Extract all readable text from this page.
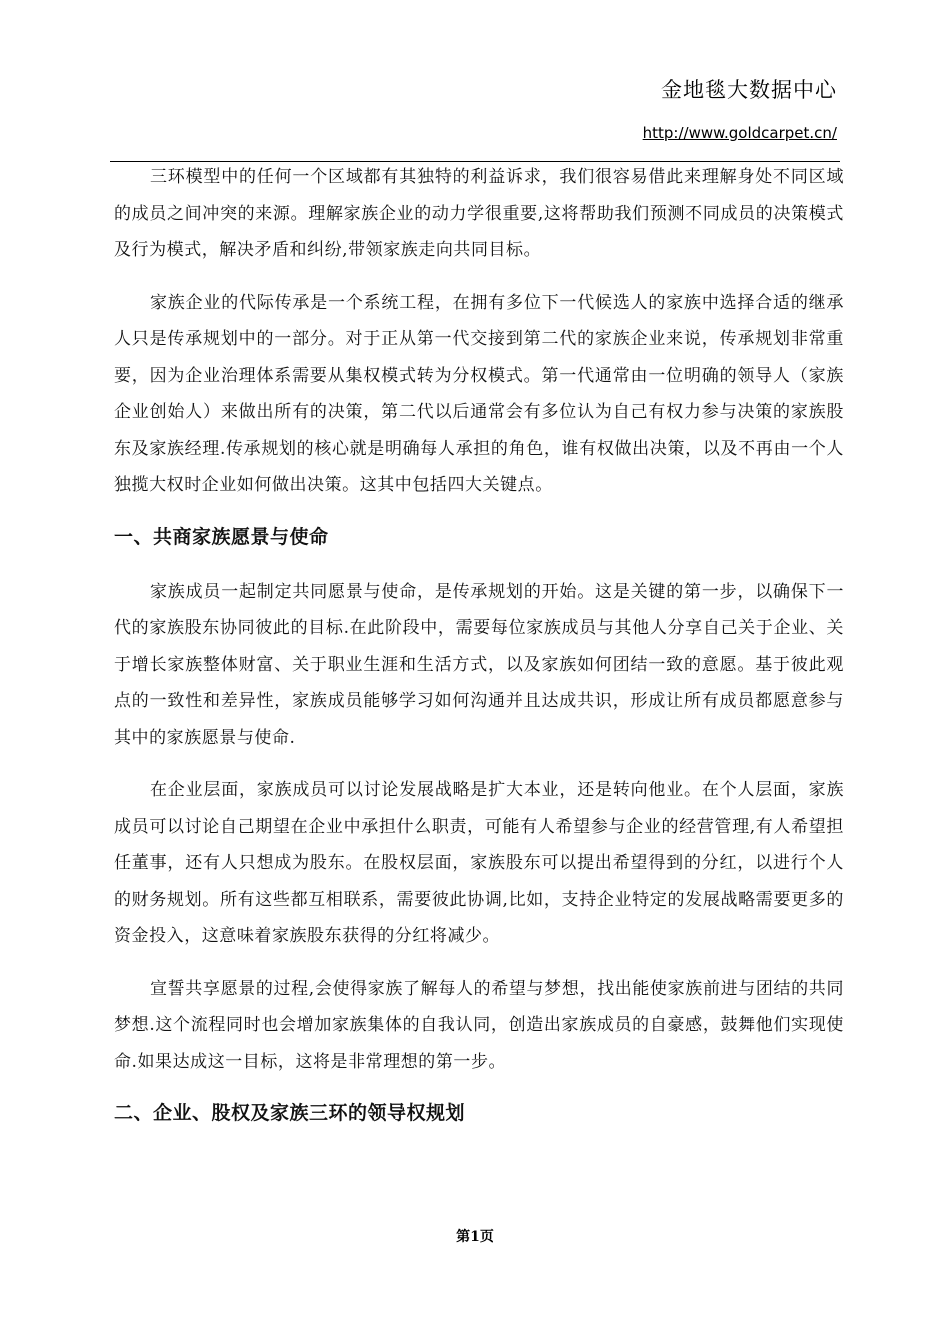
金地毯大数据中心
http://www.goldcarpet.cn/

三环模型中的任何一个区域都有其独特的利益诉求，我们很容易借此来理解身处不同区域的成员之间冲突的来源。理解家族企业的动力学很重要,这将帮助我们预测不同成员的决策模式及行为模式，解决矛盾和纠纷,带领家族走向共同目标。

家族企业的代际传承是一个系统工程，在拥有多位下一代候选人的家族中选择合适的继承人只是传承规划中的一部分。对于正从第一代交接到第二代的家族企业来说，传承规划非常重要，因为企业治理体系需要从集权模式转为分权模式。第一代通常由一位明确的领导人（家族企业创始人）来做出所有的决策，第二代以后通常会有多位认为自己有权力参与决策的家族股东及家族经理.传承规划的核心就是明确每人承担的角色，谁有权做出决策，以及不再由一个人独揽大权时企业如何做出决策。这其中包括四大关键点。

一、共商家族愿景与使命

家族成员一起制定共同愿景与使命，是传承规划的开始。这是关键的第一步，以确保下一代的家族股东协同彼此的目标.在此阶段中，需要每位家族成员与其他人分享自己关于企业、关于增长家族整体财富、关于职业生涯和生活方式，以及家族如何团结一致的意愿。基于彼此观点的一致性和差异性，家族成员能够学习如何沟通并且达成共识，形成让所有成员都愿意参与其中的家族愿景与使命.

在企业层面，家族成员可以讨论发展战略是扩大本业，还是转向他业。在个人层面，家族成员可以讨论自己期望在企业中承担什么职责，可能有人希望参与企业的经营管理,有人希望担任董事，还有人只想成为股东。在股权层面，家族股东可以提出希望得到的分红，以进行个人的财务规划。所有这些都互相联系，需要彼此协调,比如，支持企业特定的发展战略需要更多的资金投入，这意味着家族股东获得的分红将减少。

宣誓共享愿景的过程,会使得家族了解每人的希望与梦想，找出能使家族前进与团结的共同梦想.这个流程同时也会增加家族集体的自我认同，创造出家族成员的自豪感，鼓舞他们实现使命.如果达成这一目标，这将是非常理想的第一步。

二、企业、股权及家族三环的领导权规划
第1页
